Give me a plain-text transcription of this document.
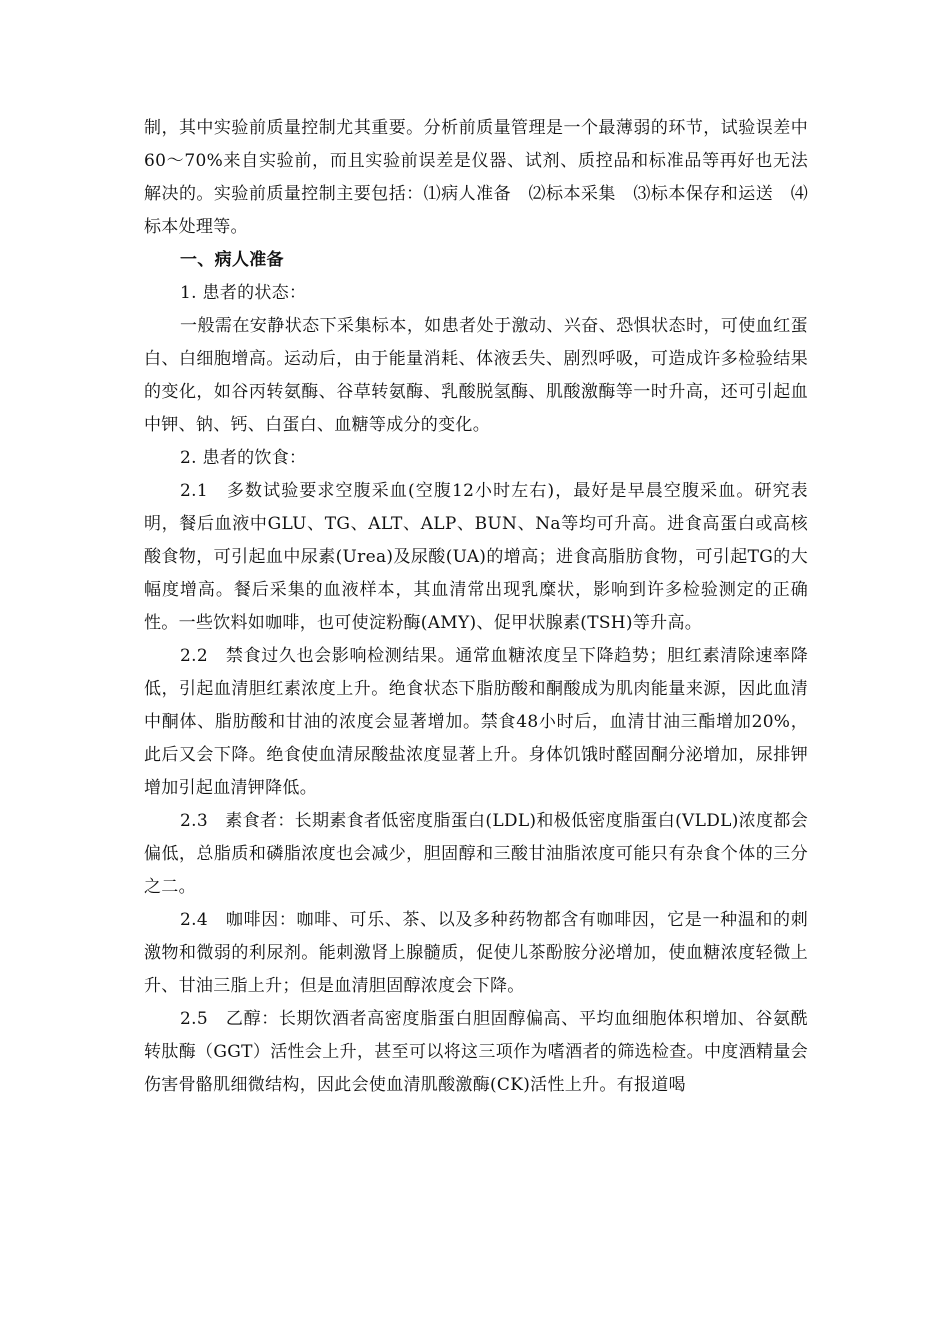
制，其中实验前质量控制尤其重要。分析前质量管理是一个最薄弱的环节，试验误差中60～70%来自实验前，而且实验前误差是仪器、试剂、质控品和标准品等再好也无法解决的。实验前质量控制主要包括：⑴病人准备　⑵标本采集　⑶标本保存和运送　⑷标本处理等。

一、病人准备

1. 患者的状态：

一般需在安静状态下采集标本，如患者处于激动、兴奋、恐惧状态时，可使血红蛋白、白细胞增高。运动后，由于能量消耗、体液丢失、剧烈呼吸，可造成许多检验结果的变化，如谷丙转氨酶、谷草转氨酶、乳酸脱氢酶、肌酸激酶等一时升高，还可引起血中钾、钠、钙、白蛋白、血糖等成分的变化。

2. 患者的饮食：

2.1　多数试验要求空腹采血(空腹12小时左右)，最好是早晨空腹采血。研究表明，餐后血液中GLU、TG、ALT、ALP、BUN、Na等均可升高。进食高蛋白或高核酸食物，可引起血中尿素(Urea)及尿酸(UA)的增高；进食高脂肪食物，可引起TG的大幅度增高。餐后采集的血液样本，其血清常出现乳糜状，影响到许多检验测定的正确性。一些饮料如咖啡，也可使淀粉酶(AMY)、促甲状腺素(TSH)等升高。

2.2　禁食过久也会影响检测结果。通常血糖浓度呈下降趋势；胆红素清除速率降低，引起血清胆红素浓度上升。绝食状态下脂肪酸和酮酸成为肌肉能量来源，因此血清中酮体、脂肪酸和甘油的浓度会显著增加。禁食48小时后，血清甘油三酯增加20%，此后又会下降。绝食使血清尿酸盐浓度显著上升。身体饥饿时醛固酮分泌增加，尿排钾增加引起血清钾降低。

2.3　素食者：长期素食者低密度脂蛋白(LDL)和极低密度脂蛋白(VLDL)浓度都会偏低，总脂质和磷脂浓度也会减少，胆固醇和三酸甘油脂浓度可能只有杂食个体的三分之二。

2.4　咖啡因：咖啡、可乐、茶、以及多种药物都含有咖啡因，它是一种温和的刺激物和微弱的利尿剂。能刺激肾上腺髓质，促使儿茶酚胺分泌增加，使血糖浓度轻微上升、甘油三脂上升；但是血清胆固醇浓度会下降。

2.5　乙醇：长期饮酒者高密度脂蛋白胆固醇偏高、平均血细胞体积增加、谷氨酰转肽酶（GGT）活性会上升，甚至可以将这三项作为嗜酒者的筛选检查。中度酒精量会伤害骨骼肌细微结构，因此会使血清肌酸激酶(CK)活性上升。有报道喝
